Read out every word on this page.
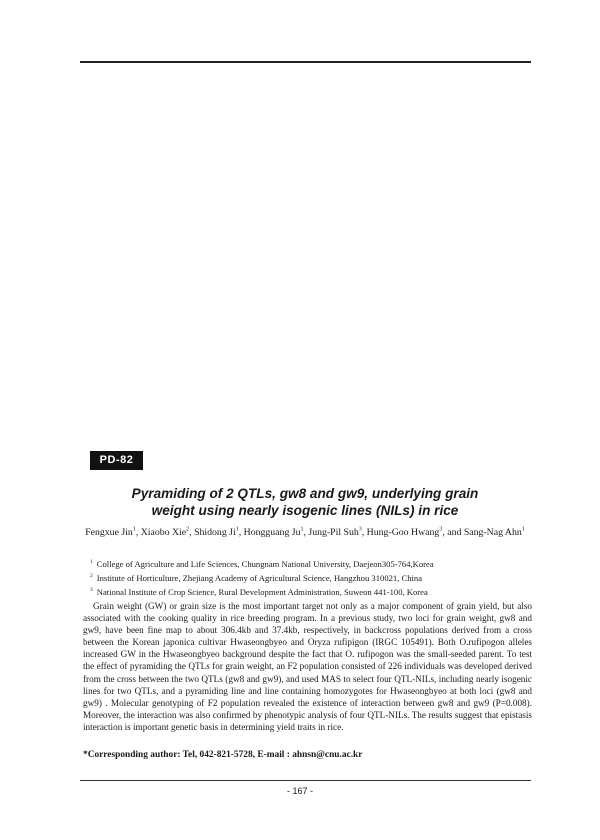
PD-82
Pyramiding of 2 QTLs, gw8 and gw9, underlying grain
weight using nearly isogenic lines (NILs) in rice
Fengxue Jin$^1$, Xiaobo Xie$^2$, Shidong Ji$^1$, Hongguang Ju$^1$, Jung-Pil Suh$^3$, Hung-Goo Hwang$^3$, and Sang-Nag Ahn$^1$
$^1$ College of Agriculture and Life Sciences, Chungnam National University, Daejeon305-764,Korea
$^2$ Institute of Horticulture, Zhejiang Academy of Agricultural Science, Hangzhou 310021, China
$^3$ National Institute of Crop Science, Rural Development Administration, Suweon 441-100, Korea

Grain weight (GW) or grain size is the most important target not only as a major component of grain yield, but also associated with the cooking quality in rice breeding program. In a previous study, two loci for grain weight, gw8 and gw9, have been fine map to about 306.4kb and 37.4kb, respectively, in backcross populations derived from a cross between the Korean japonica cultivar Hwaseongbyeo and Oryza rufipigon (IRGC 105491). Both O.rufipogon alleles increased GW in the Hwaseongbyeo background despite the fact that O. rufipogon was the small-seeded parent. To test the effect of pyramiding the QTLs for grain weight, an F2 population consisted of 226 individuals was developed derived from the cross between the two QTLs (gw8 and gw9), and used MAS to select four QTL-NILs, including nearly isogenic lines for two QTLs, and a pyramiding line and line containing homozygotes for Hwaseongbyeo at both loci (gw8 and gw9) . Molecular genotyping of F2 population revealed the existence of interaction between gw8 and gw9 (P=0.008). Moreover, the interaction was also confirmed by phenotypic analysis of four QTL-NILs. The results suggest that epistasis interaction is important genetic basis in determining yield traits in rice.

*Corresponding author: Tel, 042-821-5728, E-mail : ahnsn@cnu.ac.kr
- 167 -
